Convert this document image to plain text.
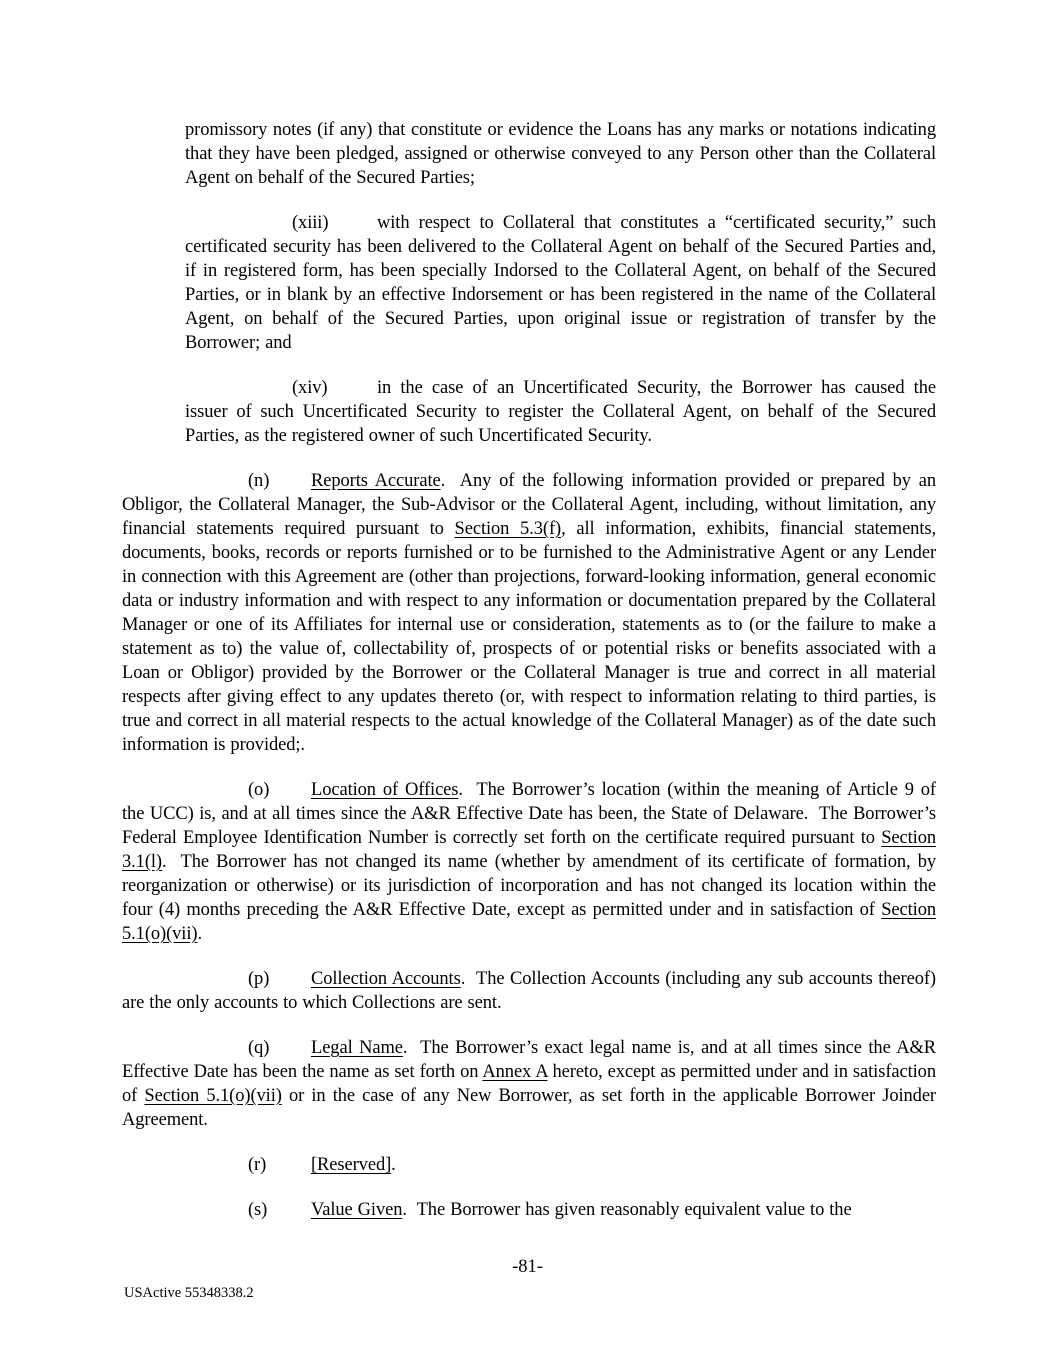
promissory notes (if any) that constitute or evidence the Loans has any marks or notations indicating that they have been pledged, assigned or otherwise conveyed to any Person other than the Collateral Agent on behalf of the Secured Parties;

(xiii)	with respect to Collateral that constitutes a “certificated security,” such certificated security has been delivered to the Collateral Agent on behalf of the Secured Parties and, if in registered form, has been specially Indorsed to the Collateral Agent, on behalf of the Secured Parties, or in blank by an effective Indorsement or has been registered in the name of the Collateral Agent, on behalf of the Secured Parties, upon original issue or registration of transfer by the Borrower; and

(xiv)	in the case of an Uncertificated Security, the Borrower has caused the issuer of such Uncertificated Security to register the Collateral Agent, on behalf of the Secured Parties, as the registered owner of such Uncertificated Security.

(n) Reports Accurate.  Any of the following information provided or prepared by an Obligor, the Collateral Manager, the Sub-Advisor or the Collateral Agent, including, without limitation, any financial statements required pursuant to Section 5.3(f), all information, exhibits, financial statements, documents, books, records or reports furnished or to be furnished to the Administrative Agent or any Lender in connection with this Agreement are (other than projections, forward-looking information, general economic data or industry information and with respect to any information or documentation prepared by the Collateral Manager or one of its Affiliates for internal use or consideration, statements as to (or the failure to make a statement as to) the value of, collectability of, prospects of or potential risks or benefits associated with a Loan or Obligor) provided by the Borrower or the Collateral Manager is true and correct in all material respects after giving effect to any updates thereto (or, with respect to information relating to third parties, is true and correct in all material respects to the actual knowledge of the Collateral Manager) as of the date such information is provided;.

(o) Location of Offices.  The Borrower’s location (within the meaning of Article 9 of the UCC) is, and at all times since the A&R Effective Date has been, the State of Delaware.  The Borrower’s Federal Employee Identification Number is correctly set forth on the certificate required pursuant to Section 3.1(l).  The Borrower has not changed its name (whether by amendment of its certificate of formation, by reorganization or otherwise) or its jurisdiction of incorporation and has not changed its location within the four (4) months preceding the A&R Effective Date, except as permitted under and in satisfaction of Section 5.1(o)(vii).

(p) Collection Accounts.  The Collection Accounts (including any sub accounts thereof) are the only accounts to which Collections are sent.

(q) Legal Name.  The Borrower’s exact legal name is, and at all times since the A&R Effective Date has been the name as set forth on Annex A hereto, except as permitted under and in satisfaction of Section 5.1(o)(vii) or in the case of any New Borrower, as set forth in the applicable Borrower Joinder Agreement.

(r) [Reserved].

(s) Value Given.  The Borrower has given reasonably equivalent value to the

-81-
USActive 55348338.2
